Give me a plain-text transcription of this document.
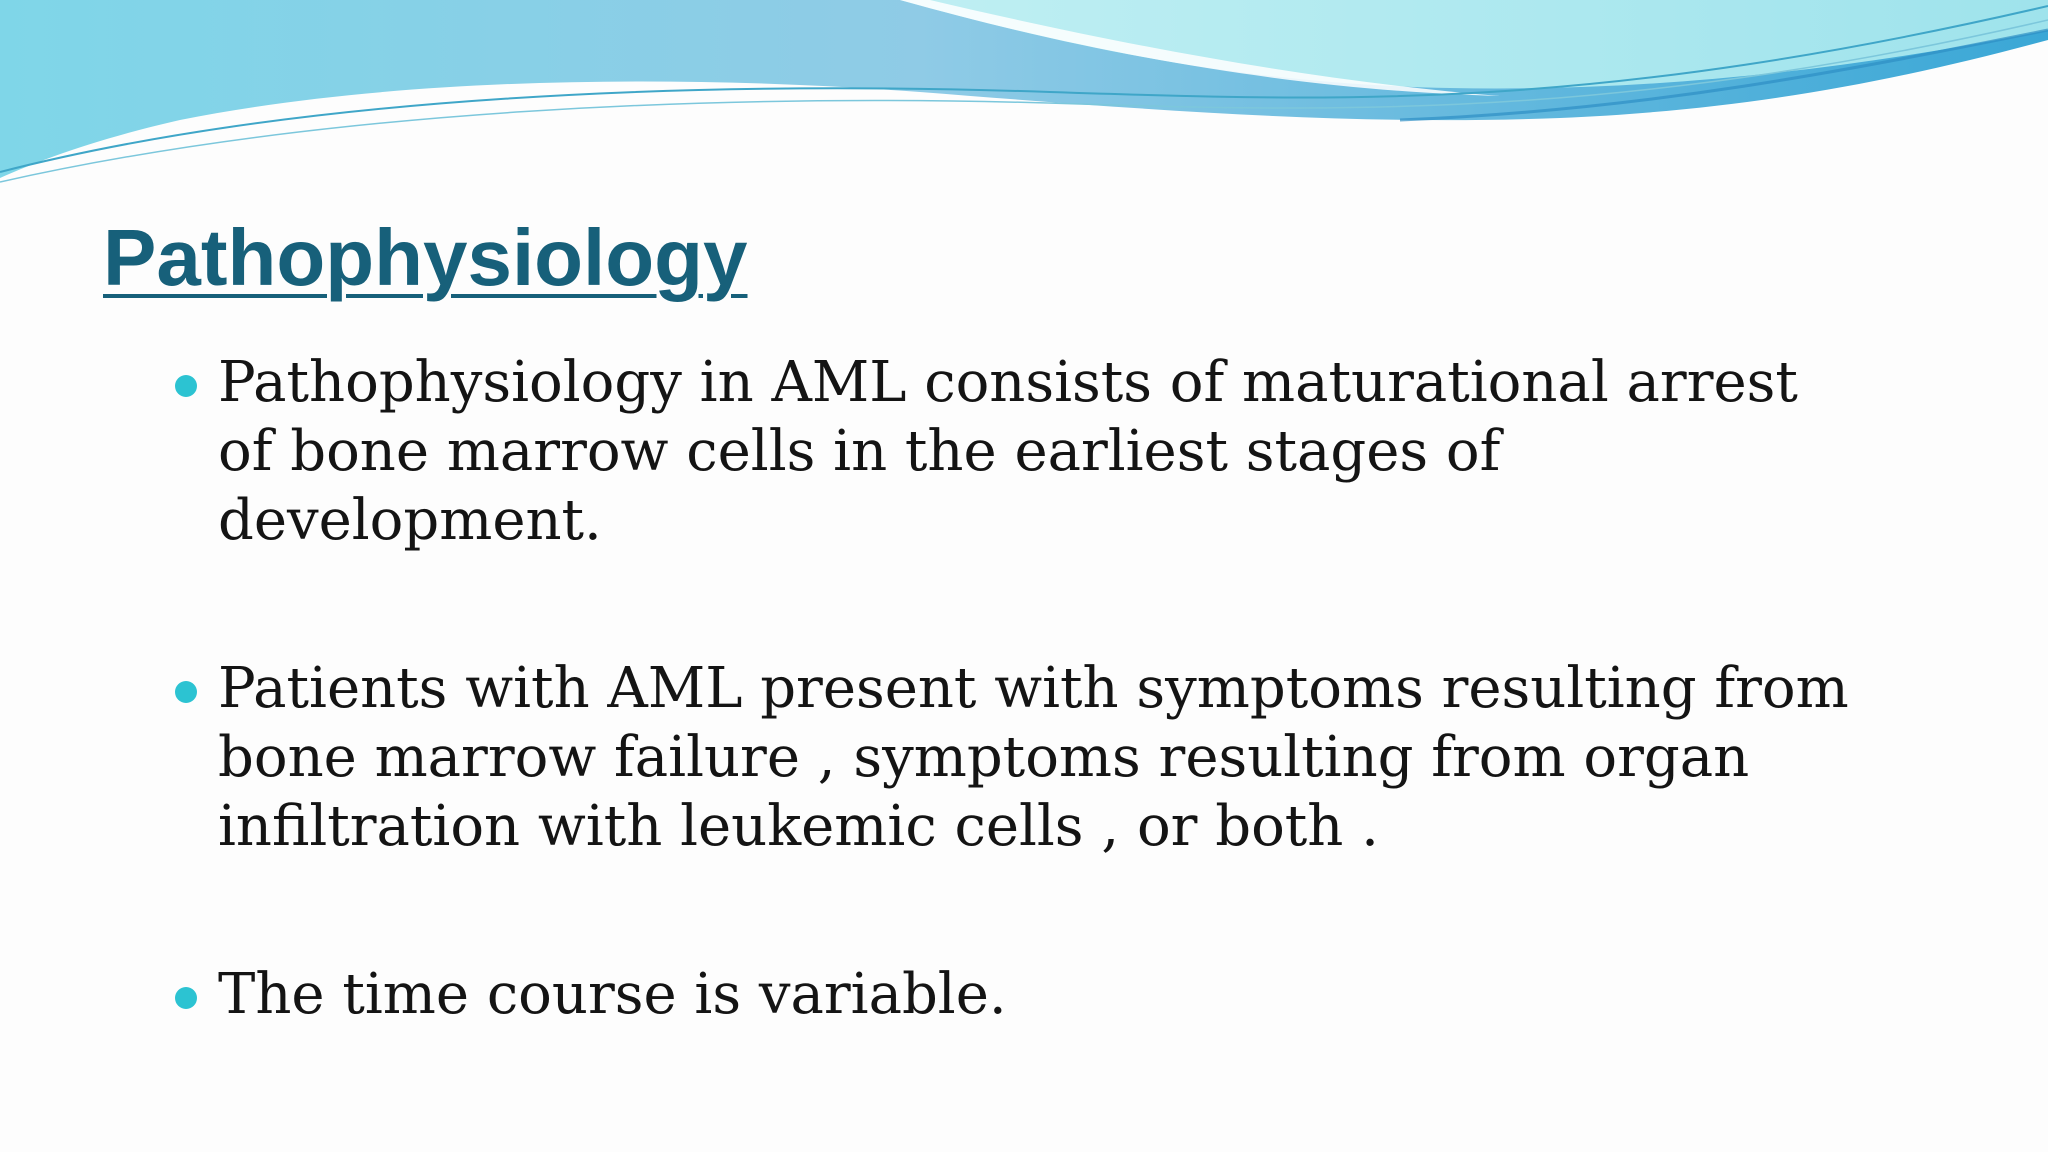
Pathophysiology
Pathophysiology in AML consists of maturational arrest of bone marrow cells in the earliest stages of development.
Patients with AML present with symptoms resulting from bone marrow failure , symptoms resulting from organ infiltration with leukemic cells , or both .
The time course is variable.
